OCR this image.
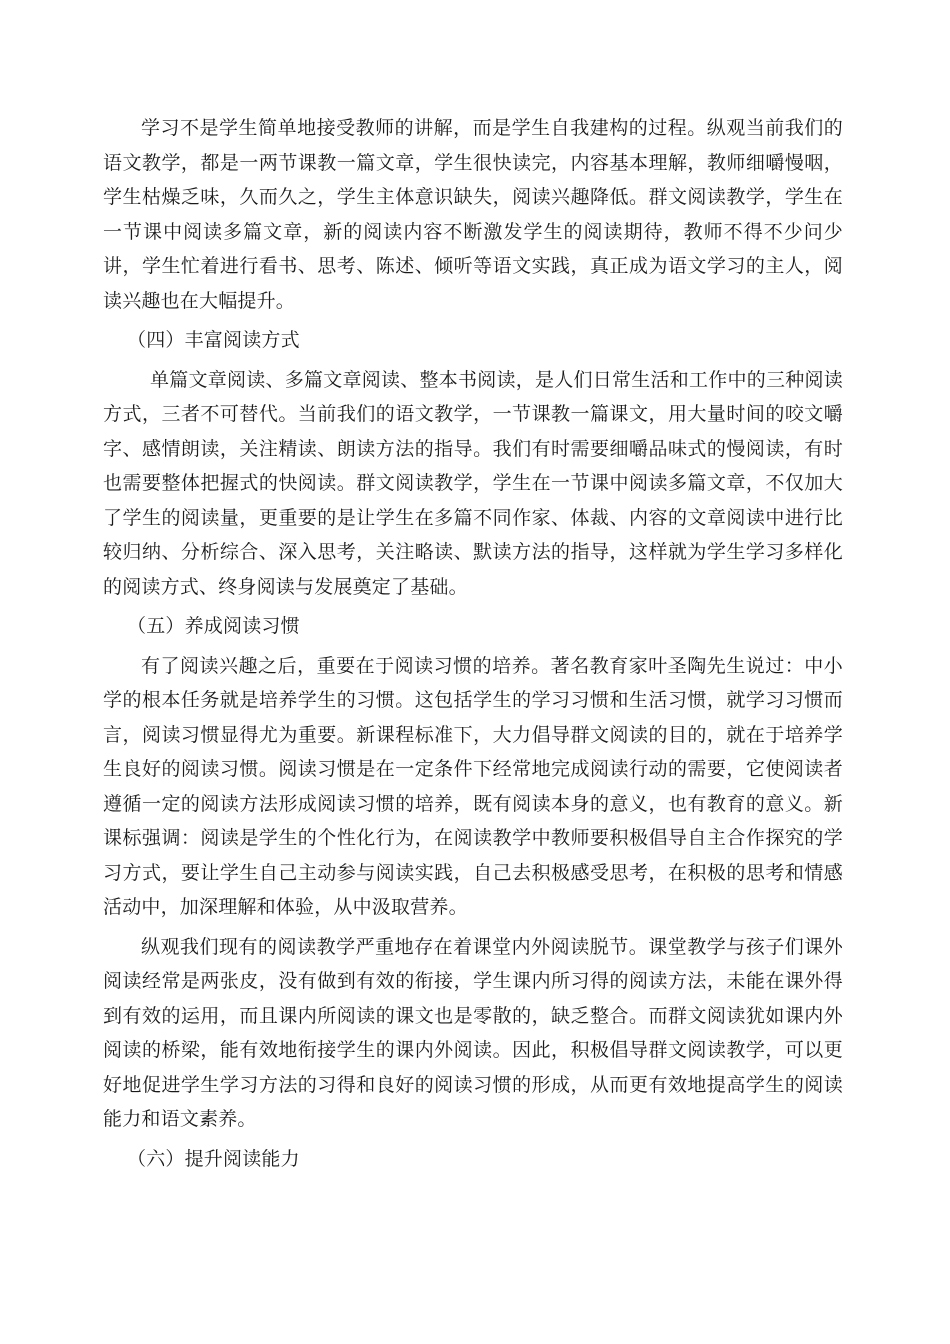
学习不是学生简单地接受教师的讲解，而是学生自我建构的过程。纵观当前我们的语文教学，都是一两节课教一篇文章，学生很快读完，内容基本理解，教师细嚼慢咽，学生枯燥乏味，久而久之，学生主体意识缺失，阅读兴趣降低。群文阅读教学，学生在一节课中阅读多篇文章，新的阅读内容不断激发学生的阅读期待，教师不得不少问少讲，学生忙着进行看书、思考、陈述、倾听等语文实践，真正成为语文学习的主人，阅读兴趣也在大幅提升。

（四）丰富阅读方式

单篇文章阅读、多篇文章阅读、整本书阅读，是人们日常生活和工作中的三种阅读方式，三者不可替代。当前我们的语文教学，一节课教一篇课文，用大量时间的咬文嚼字、感情朗读，关注精读、朗读方法的指导。我们有时需要细嚼品味式的慢阅读，有时也需要整体把握式的快阅读。群文阅读教学，学生在一节课中阅读多篇文章，不仅加大了学生的阅读量，更重要的是让学生在多篇不同作家、体裁、内容的文章阅读中进行比较归纳、分析综合、深入思考，关注略读、默读方法的指导，这样就为学生学习多样化的阅读方式、终身阅读与发展奠定了基础。

（五）养成阅读习惯

有了阅读兴趣之后，重要在于阅读习惯的培养。著名教育家叶圣陶先生说过：中小学的根本任务就是培养学生的习惯。这包括学生的学习习惯和生活习惯，就学习习惯而言，阅读习惯显得尤为重要。新课程标准下，大力倡导群文阅读的目的，就在于培养学生良好的阅读习惯。阅读习惯是在一定条件下经常地完成阅读行动的需要，它使阅读者遵循一定的阅读方法形成阅读习惯的培养，既有阅读本身的意义，也有教育的意义。新课标强调：阅读是学生的个性化行为，在阅读教学中教师要积极倡导自主合作探究的学习方式，要让学生自己主动参与阅读实践，自己去积极感受思考，在积极的思考和情感活动中，加深理解和体验，从中汲取营养。

纵观我们现有的阅读教学严重地存在着课堂内外阅读脱节。课堂教学与孩子们课外阅读经常是两张皮，没有做到有效的衔接，学生课内所习得的阅读方法，未能在课外得到有效的运用，而且课内所阅读的课文也是零散的，缺乏整合。而群文阅读犹如课内外阅读的桥梁，能有效地衔接学生的课内外阅读。因此，积极倡导群文阅读教学，可以更好地促进学生学习方法的习得和良好的阅读习惯的形成，从而更有效地提高学生的阅读能力和语文素养。

（六）提升阅读能力
